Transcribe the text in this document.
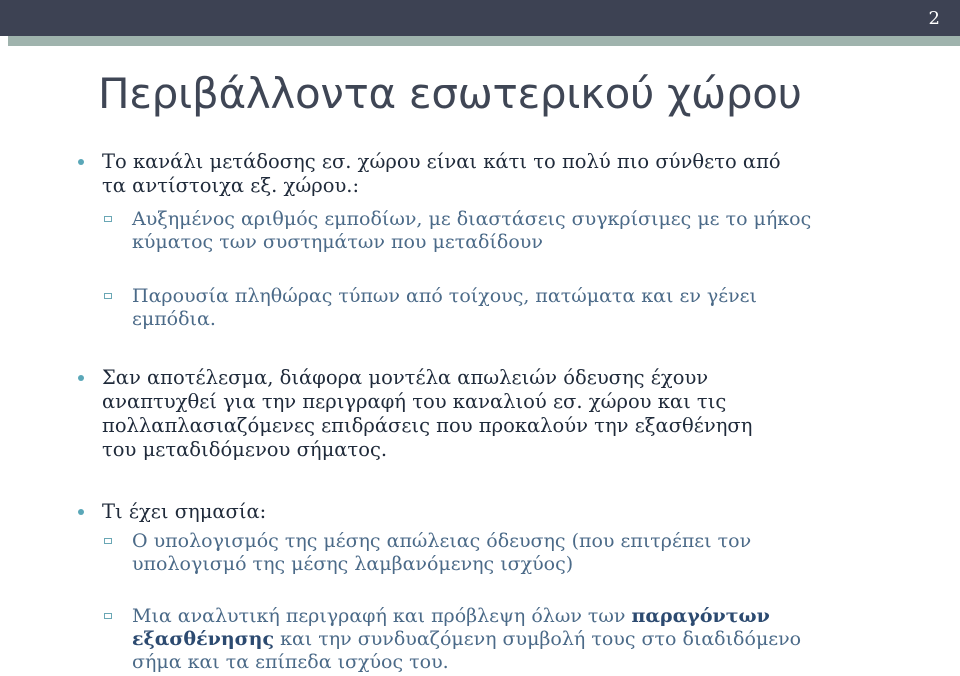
2
Περιβάλλοντα εσωτερικού χώρου
Το κανάλι μετάδοσης εσ. χώρου είναι κάτι το πολύ πιο σύνθετο από
τα αντίστοιχα εξ. χώρου.:
Αυξημένος αριθμός εμποδίων, με διαστάσεις συγκρίσιμες με το μήκος
κύματος των συστημάτων που μεταδίδουν
Παρουσία πληθώρας τύπων από τοίχους, πατώματα και εν γένει
εμπόδια.
Σαν αποτέλεσμα, διάφορα μοντέλα απωλειών όδευσης έχουν
αναπτυχθεί για την περιγραφή του καναλιού εσ. χώρου και τις
πολλαπλασιαζόμενες επιδράσεις που προκαλούν την εξασθένηση
του μεταδιδόμενου σήματος.
Τι έχει σημασία:
Ο υπολογισμός της μέσης απώλειας όδευσης (που επιτρέπει τον
υπολογισμό της μέσης λαμβανόμενης ισχύος)
Μια αναλυτική περιγραφή και πρόβλεψη όλων των παραγόντων
εξασθένησης και την συνδυαζόμενη συμβολή τους στο διαδιδόμενο
σήμα και τα επίπεδα ισχύος του.
